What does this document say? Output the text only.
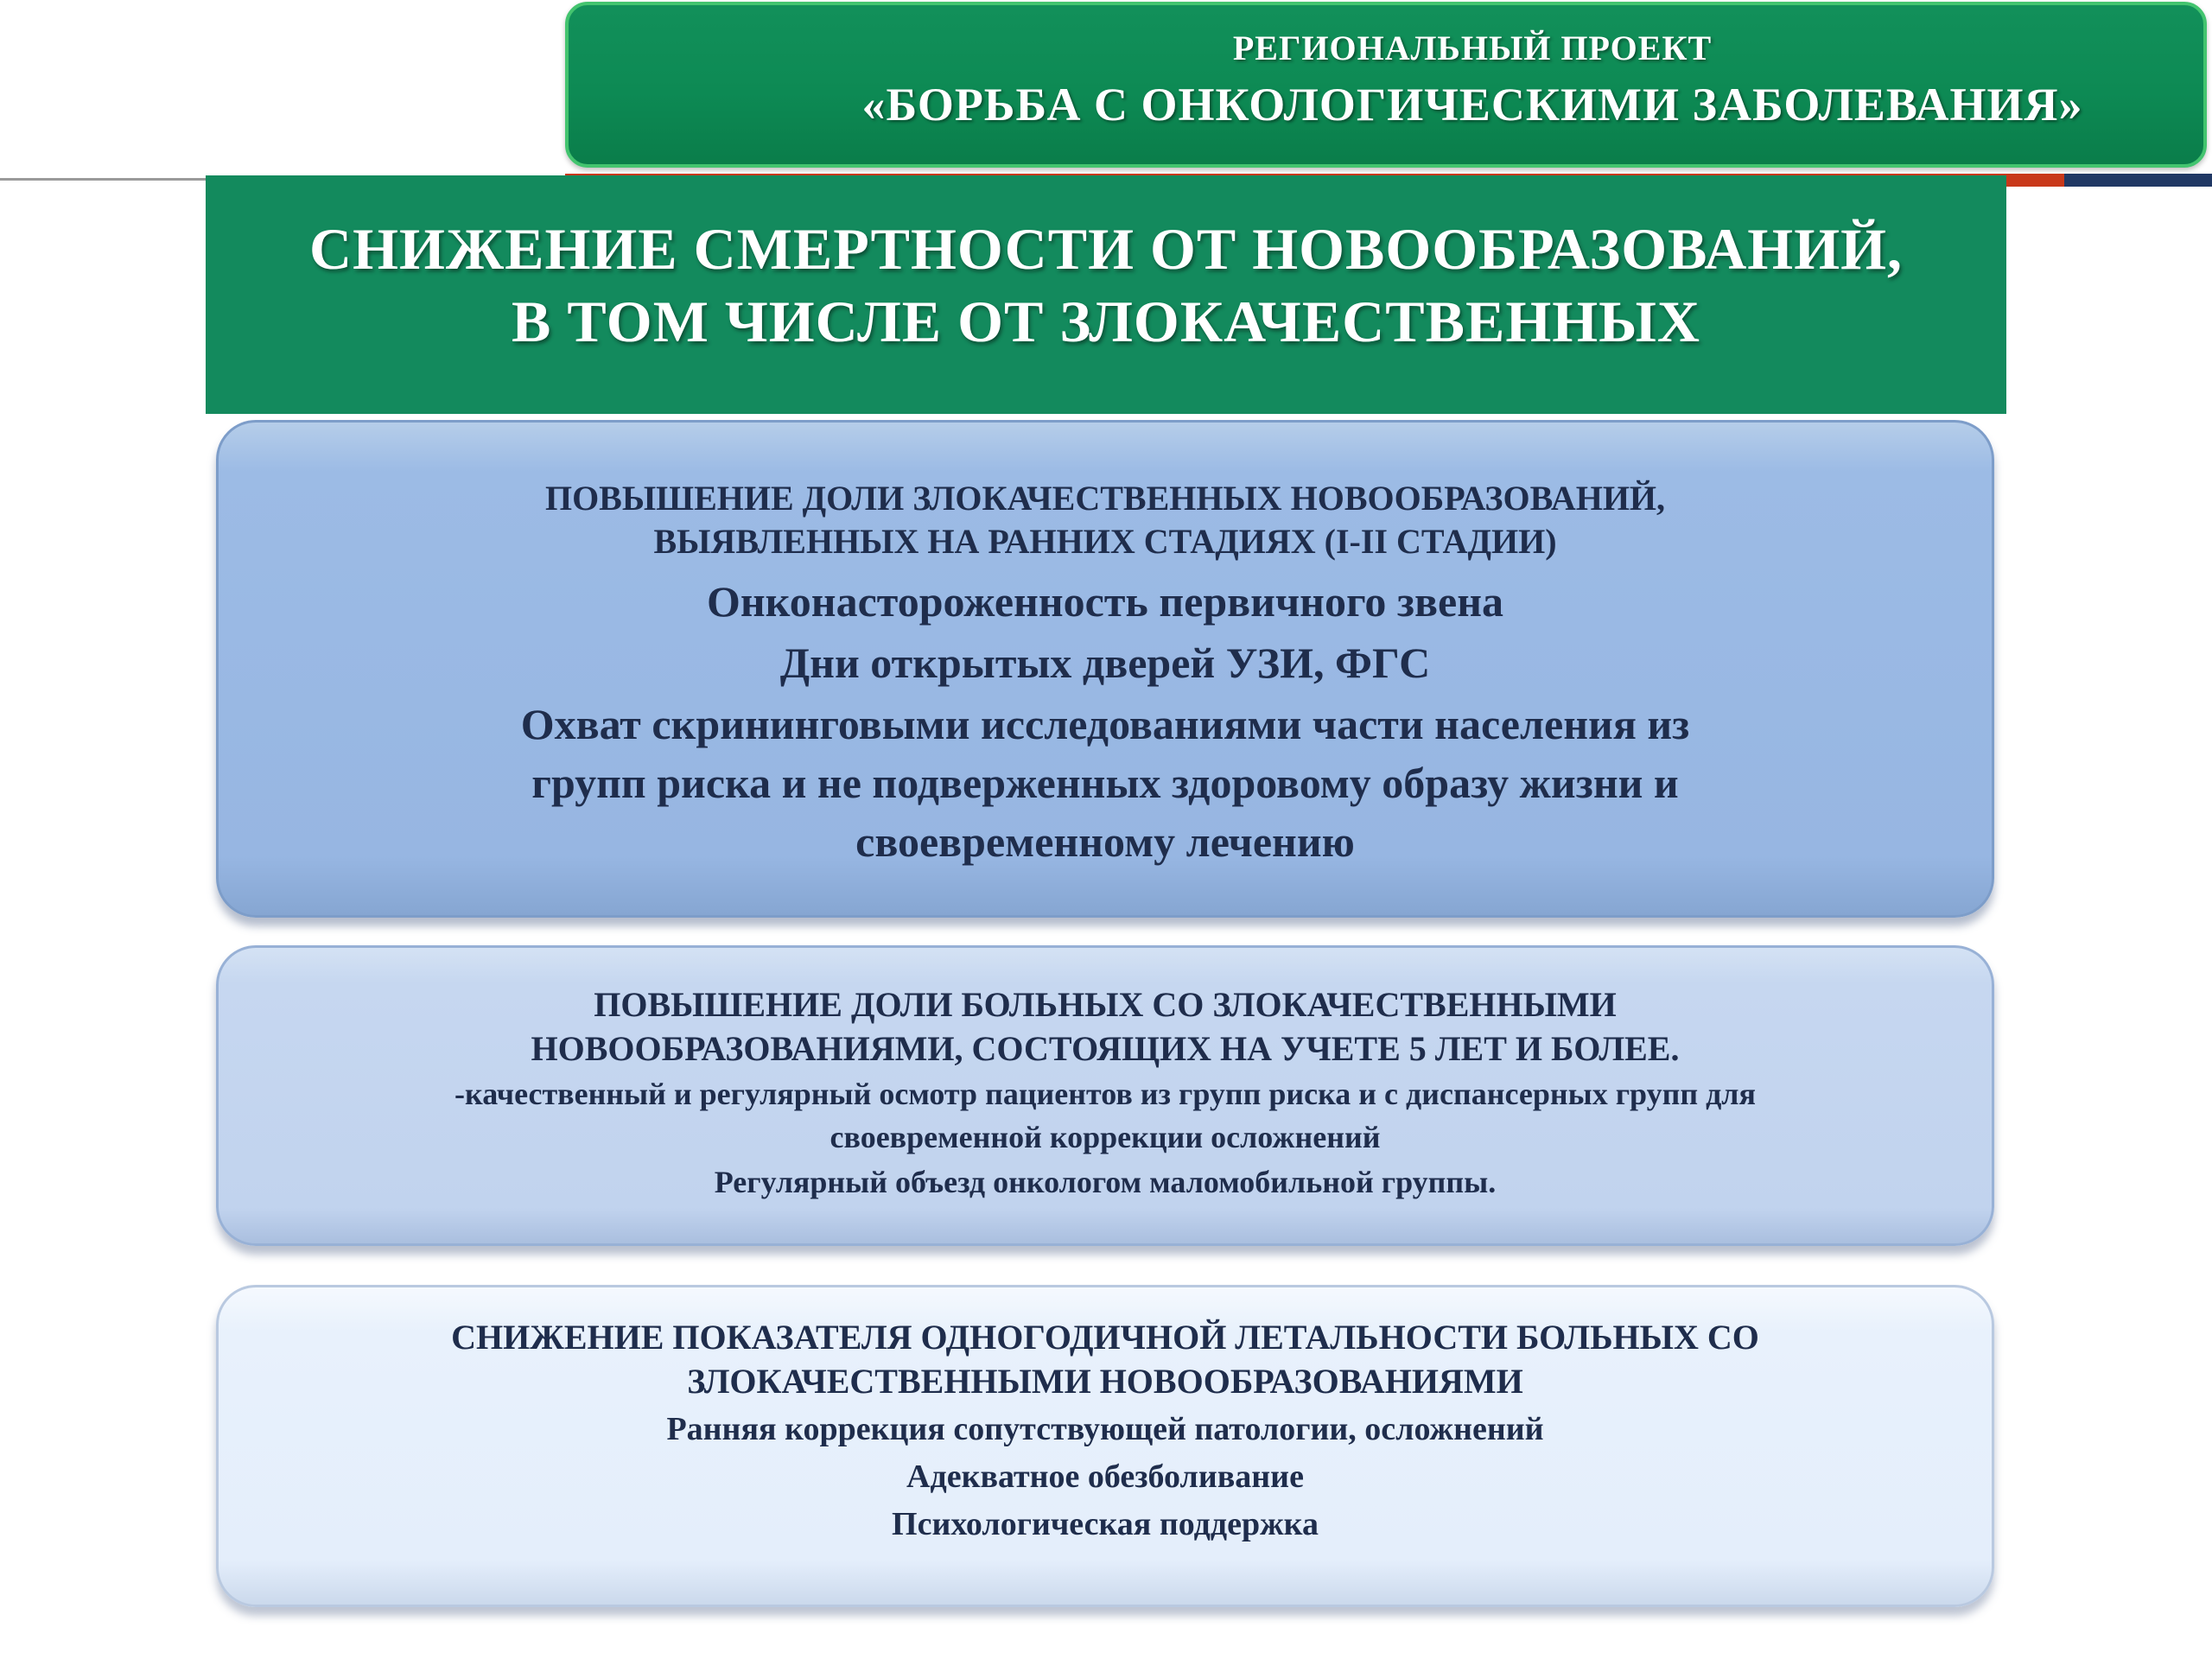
РЕГИОНАЛЬНЫЙ ПРОЕКТ
«БОРЬБА С ОНКОЛОГИЧЕСКИМИ ЗАБОЛЕВАНИЯ»
СНИЖЕНИЕ СМЕРТНОСТИ ОТ НОВООБРАЗОВАНИЙ,
В ТОМ ЧИСЛЕ ОТ ЗЛОКАЧЕСТВЕННЫХ
ПОВЫШЕНИЕ ДОЛИ ЗЛОКАЧЕСТВЕННЫХ НОВООБРАЗОВАНИЙ,
ВЫЯВЛЕННЫХ НА РАННИХ СТАДИЯХ (I-II СТАДИИ)
Онконастороженность первичного звена
Дни открытых дверей УЗИ, ФГС
Охват скрининговыми исследованиями части населения из
групп риска и не подверженных здоровому образу жизни и
своевременному лечению
ПОВЫШЕНИЕ ДОЛИ БОЛЬНЫХ СО ЗЛОКАЧЕСТВЕННЫМИ
НОВООБРАЗОВАНИЯМИ, СОСТОЯЩИХ НА УЧЕТЕ 5 ЛЕТ И БОЛЕЕ.
-качественный и регулярный осмотр пациентов из групп риска и с диспансерных групп для
своевременной коррекции осложнений
Регулярный объезд онкологом маломобильной группы.
СНИЖЕНИЕ ПОКАЗАТЕЛЯ ОДНОГОДИЧНОЙ ЛЕТАЛЬНОСТИ БОЛЬНЫХ СО
ЗЛОКАЧЕСТВЕННЫМИ НОВООБРАЗОВАНИЯМИ
Ранняя коррекция сопутствующей патологии, осложнений
Адекватное обезболивание
Психологическая поддержка
